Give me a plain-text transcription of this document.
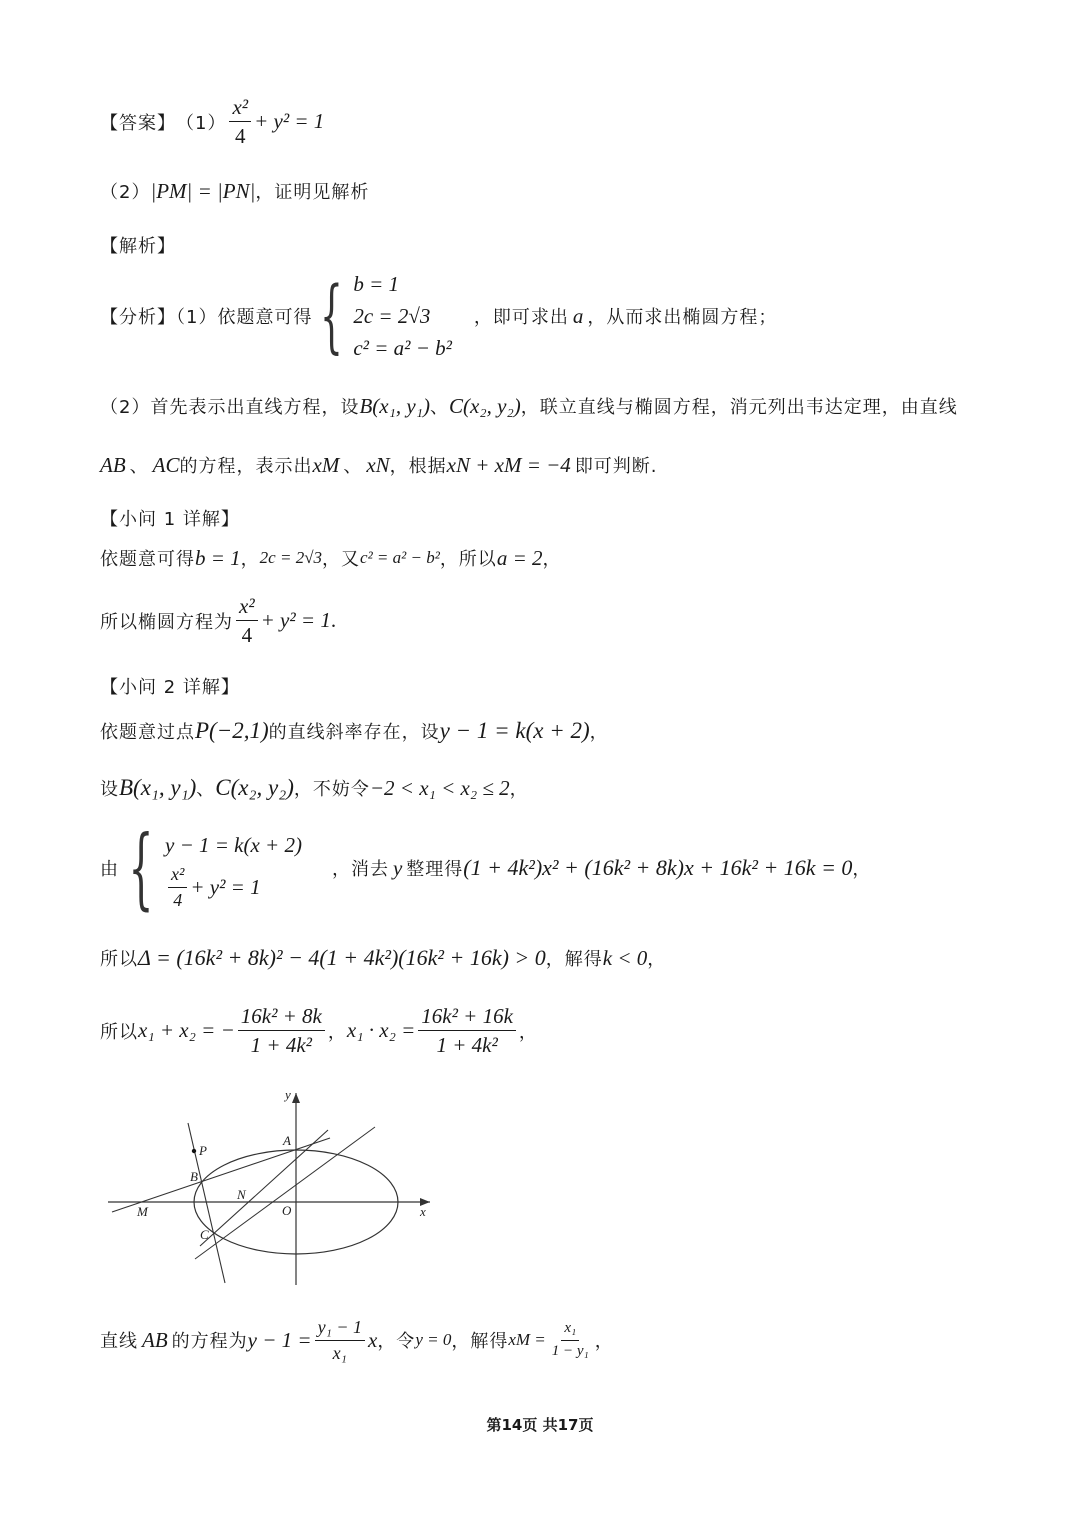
【答案】 $(1) \frac{\text{x²}}{4} + y^2 = 1$
（2） |PM| = |PN| ，证明见解析
【解析】
【分析】（1）依题意可得 { b = 1
2c = 2√3
c² = a² − b²
，即可求出 a ，从而求出椭圆方程；
（2）首先表示出直线方程，设 B(x₁, y₁) 、 C(x₂, y₂) ，联立直线与椭圆方程，消元列出韦达定理，由直线
AB 、 AC 的方程，表示出 xM 、 xN ，根据 xN + xM = −4 即可判断.
【小问 1 详解】
依题意可得 b = 1 ， 2c = 2√3 ，又 c² = a² − b² ，所以 a = 2 ，
所以椭圆方程为 $\frac{\text{x²}}{4} + y^2 = 1$ .
【小问 2 详解】
依题意过点 P(−2,1) 的直线斜率存在，设 y − 1 = k(x + 2) ，
设 B(x₁, y₁) 、 C(x₂, y₂) ，不妨令 −2 < x₁ < x₂ ≤ 2 ，
由 { y − 1 = k(x + 2)
$\frac{\text{x²}}{4} + y^2 = 1$
，消去 y 整理得 (1 + 4k²)x² + (16k² + 8k)x + 16k² + 16k = 0 ，
所以 Δ = (16k² + 8k)² − 4(1 + 4k²)(16k² + 16k) > 0 ，解得 k < 0 ，
所以 x₁ + x₂ = − $\frac{\text{16k² + 8k}}{\text{1 + 4k²}}$ ， $x_1 \cdot x_2 = \frac{\text{16k² + 16k}}{\text{1 + 4k²}}$ ，
y
x
A
B
C
P
M
N
O
直线 AB 的方程为 $y - 1 = \frac{\text{y₁ − 1}}{\text{x₁}}$ x ，令 y = 0 ，解得 xM = $\frac{\text{x₁}}{\text{1 − y₁}}$ ，
第14页 共17页
